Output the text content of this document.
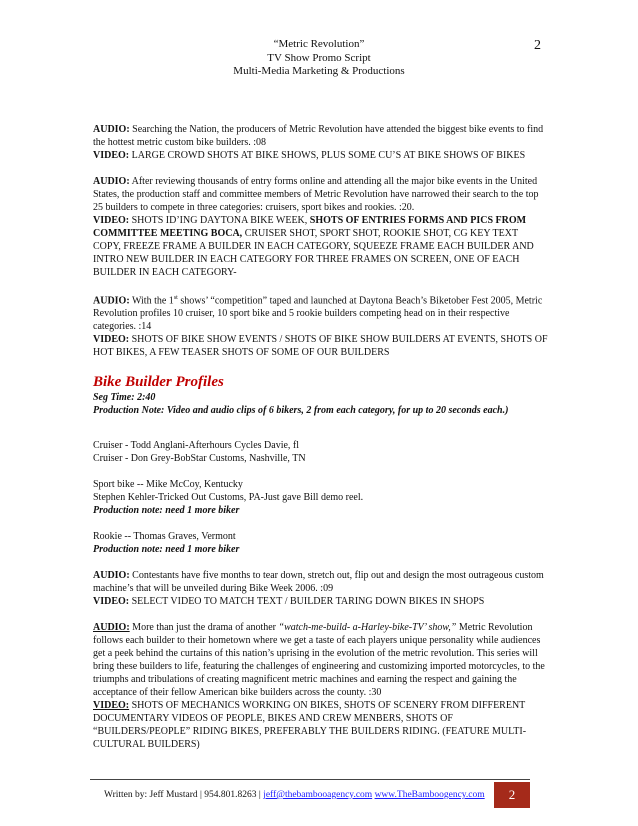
“Metric Revolution”
TV Show Promo Script
Multi-Media Marketing & Productions
2
AUDIO: Searching the Nation, the producers of Metric Revolution have attended the biggest bike events to find the hottest metric custom bike builders. :08
VIDEO: LARGE CROWD SHOTS AT BIKE SHOWS, PLUS SOME CU’S AT BIKE SHOWS OF BIKES
AUDIO: After reviewing thousands of entry forms online and attending all the major bike events in the United States, the production staff and committee members of Metric Revolution have narrowed their search to the top 25 builders to compete in three categories: cruisers, sport bikes and rookies. :20.
VIDEO: SHOTS ID’ING DAYTONA BIKE WEEK, SHOTS OF ENTRIES FORMS AND PICS FROM COMMITTEE MEETING BOCA, CRUISER SHOT, SPORT SHOT, ROOKIE SHOT, CG KEY TEXT COPY, FREEZE FRAME A BUILDER IN EACH CATEGORY, SQUEEZE FRAME EACH BUILDER AND INTRO NEW BUILDER IN EACH CATEGORY FOR THREE FRAMES ON SCREEN, ONE OF EACH BUILDER IN EACH CATEGORY-
AUDIO: With the 1st shows’ “competition” taped and launched at Daytona Beach’s Biketober Fest 2005, Metric Revolution profiles 10 cruiser, 10 sport bike and 5 rookie builders competing head on in their respective categories. :14
VIDEO: SHOTS OF BIKE SHOW EVENTS / SHOTS OF BIKE SHOW BUILDERS AT EVENTS, SHOTS OF HOT BIKES, A FEW TEASER SHOTS OF SOME OF OUR BUILDERS
Bike Builder Profiles
Seg Time: 2:40
Production Note: Video and audio clips of 6 bikers, 2 from each category, for up to 20 seconds each.)
Cruiser - Todd Anglani-Afterhours Cycles Davie, fl
Cruiser - Don Grey-BobStar Customs, Nashville, TN
Sport bike -- Mike McCoy, Kentucky
Stephen Kehler-Tricked Out Customs, PA-Just gave Bill demo reel.
Production note: need 1 more biker
Rookie -- Thomas Graves, Vermont
Production note: need 1 more biker
AUDIO: Contestants have five months to tear down, stretch out, flip out and design the most outrageous custom machine’s that will be unveiled during Bike Week 2006. :09
VIDEO: SELECT VIDEO TO MATCH TEXT / BUILDER TARING DOWN BIKES IN SHOPS
AUDIO: More than just the drama of another “watch-me-build- a-Harley-bike-TV’ show,” Metric Revolution follows each builder to their hometown where we get a taste of each players unique personality while audiences get a peek behind the curtains of this nation’s uprising in the evolution of the metric revolution. This series will bring these builders to life, featuring the challenges of engineering and customizing imported motorcycles, to the triumphs and tribulations of creating magnificent metric machines and earning the respect and gaining the acceptance of their fellow American bike builders across the county. :30
VIDEO: SHOTS OF MECHANICS WORKING ON BIKES, SHOTS OF SCENERY FROM DIFFERENT DOCUMENTARY VIDEOS OF PEOPLE, BIKES AND CREW MENBERS, SHOTS OF “BUILDERS/PEOPLE” RIDING BIKES, PREFERABLY THE BUILDERS RIDING. (FEATURE MULTI-CULTURAL BUILDERS)
Written by: Jeff Mustard | 954.801.8263 | jeff@thebambooagency.com www.TheBamboogency.com	2
